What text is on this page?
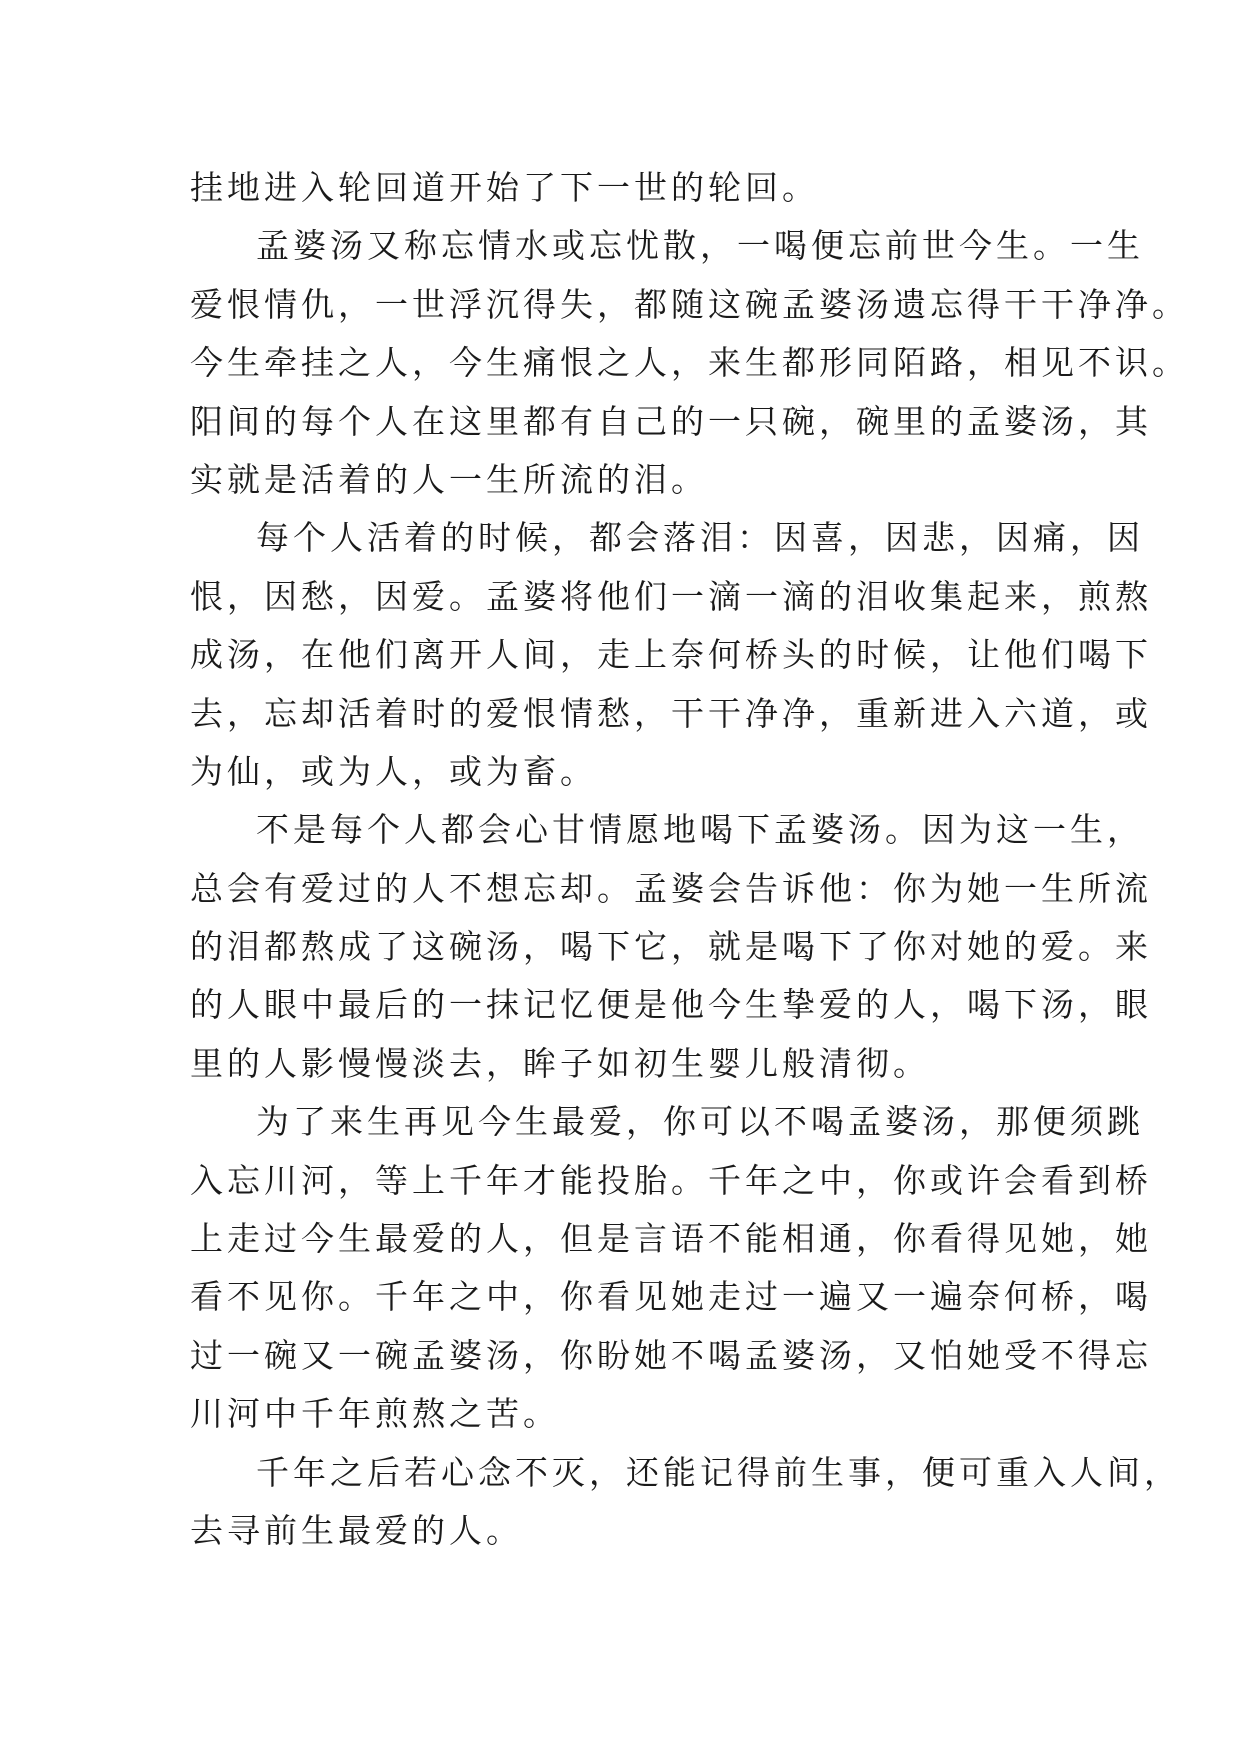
挂地进入轮回道开始了下一世的轮回。
孟婆汤又称忘情水或忘忧散，一喝便忘前世今生。一生
爱恨情仇，一世浮沉得失，都随这碗孟婆汤遗忘得干干净净。
今生牵挂之人，今生痛恨之人，来生都形同陌路，相见不识。
阳间的每个人在这里都有自己的一只碗，碗里的孟婆汤，其
实就是活着的人一生所流的泪。
每个人活着的时候，都会落泪：因喜，因悲，因痛，因
恨，因愁，因爱。孟婆将他们一滴一滴的泪收集起来，煎熬
成汤，在他们离开人间，走上奈何桥头的时候，让他们喝下
去，忘却活着时的爱恨情愁，干干净净，重新进入六道，或
为仙，或为人，或为畜。
不是每个人都会心甘情愿地喝下孟婆汤。因为这一生，
总会有爱过的人不想忘却。孟婆会告诉他：你为她一生所流
的泪都熬成了这碗汤，喝下它，就是喝下了你对她的爱。来
的人眼中最后的一抹记忆便是他今生挚爱的人，喝下汤，眼
里的人影慢慢淡去，眸子如初生婴儿般清彻。
为了来生再见今生最爱，你可以不喝孟婆汤，那便须跳
入忘川河，等上千年才能投胎。千年之中，你或许会看到桥
上走过今生最爱的人，但是言语不能相通，你看得见她，她
看不见你。千年之中，你看见她走过一遍又一遍奈何桥，喝
过一碗又一碗孟婆汤，你盼她不喝孟婆汤，又怕她受不得忘
川河中千年煎熬之苦。
千年之后若心念不灭，还能记得前生事，便可重入人间，
去寻前生最爱的人。
